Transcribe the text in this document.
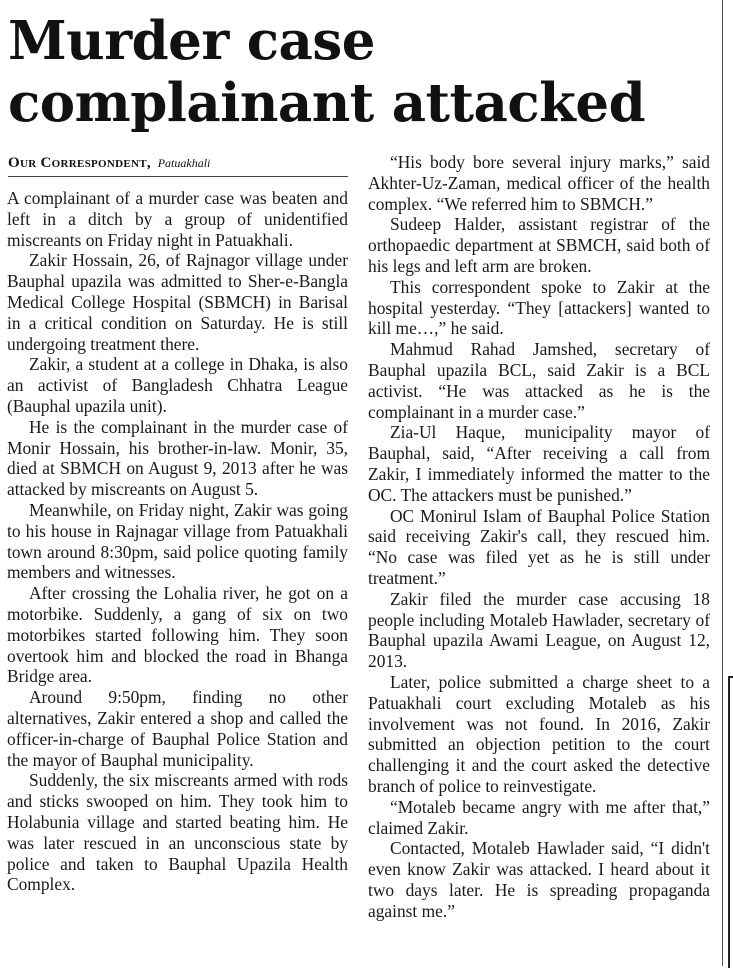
Murder case complainant attacked
Our Correspondent, Patuakhali

A complainant of a murder case was beaten and left in a ditch by a group of unidentified miscreants on Friday night in Patuakhali.

Zakir Hossain, 26, of Rajnagor village under Bauphal upazila was admitted to Sher-e-Bangla Medical College Hospital (SBMCH) in Barisal in a critical condition on Saturday. He is still undergoing treatment there.

Zakir, a student at a college in Dhaka, is also an activist of Bangladesh Chhatra League (Bauphal upazila unit).

He is the complainant in the murder case of Monir Hossain, his brother-in-law. Monir, 35, died at SBMCH on August 9, 2013 after he was attacked by miscreants on August 5.

Meanwhile, on Friday night, Zakir was going to his house in Rajnagar village from Patuakhali town around 8:30pm, said police quoting family members and witnesses.

After crossing the Lohalia river, he got on a motorbike. Suddenly, a gang of six on two motorbikes started following him. They soon overtook him and blocked the road in Bhanga Bridge area.

Around 9:50pm, finding no other alternatives, Zakir entered a shop and called the officer-in-charge of Bauphal Police Station and the mayor of Bauphal municipality.

Suddenly, the six miscreants armed with rods and sticks swooped on him. They took him to Holabunia village and started beating him. He was later rescued in an unconscious state by police and taken to Bauphal Upazila Health Complex.

“His body bore several injury marks,” said Akhter-Uz-Zaman, medical officer of the health complex. “We referred him to SBMCH.”

Sudeep Halder, assistant registrar of the orthopaedic department at SBMCH, said both of his legs and left arm are broken.

This correspondent spoke to Zakir at the hospital yesterday. “They [attackers] wanted to kill me…,” he said.

Mahmud Rahad Jamshed, secretary of Bauphal upazila BCL, said Zakir is a BCL activist. “He was attacked as he is the complainant in a murder case.”

Zia-Ul Haque, municipality mayor of Bauphal, said, “After receiving a call from Zakir, I immediately informed the matter to the OC. The attackers must be punished.”

OC Monirul Islam of Bauphal Police Station said receiving Zakir's call, they rescued him. “No case was filed yet as he is still under treatment.”

Zakir filed the murder case accusing 18 people including Motaleb Hawlader, secretary of Bauphal upazila Awami League, on August 12, 2013.

Later, police submitted a charge sheet to a Patuakhali court excluding Motaleb as his involvement was not found. In 2016, Zakir submitted an objection petition to the court challenging it and the court asked the detective branch of police to reinvestigate.

“Motaleb became angry with me after that,” claimed Zakir.

Contacted, Motaleb Hawlader said, “I didn't even know Zakir was attacked. I heard about it two days later. He is spreading propaganda against me.”
